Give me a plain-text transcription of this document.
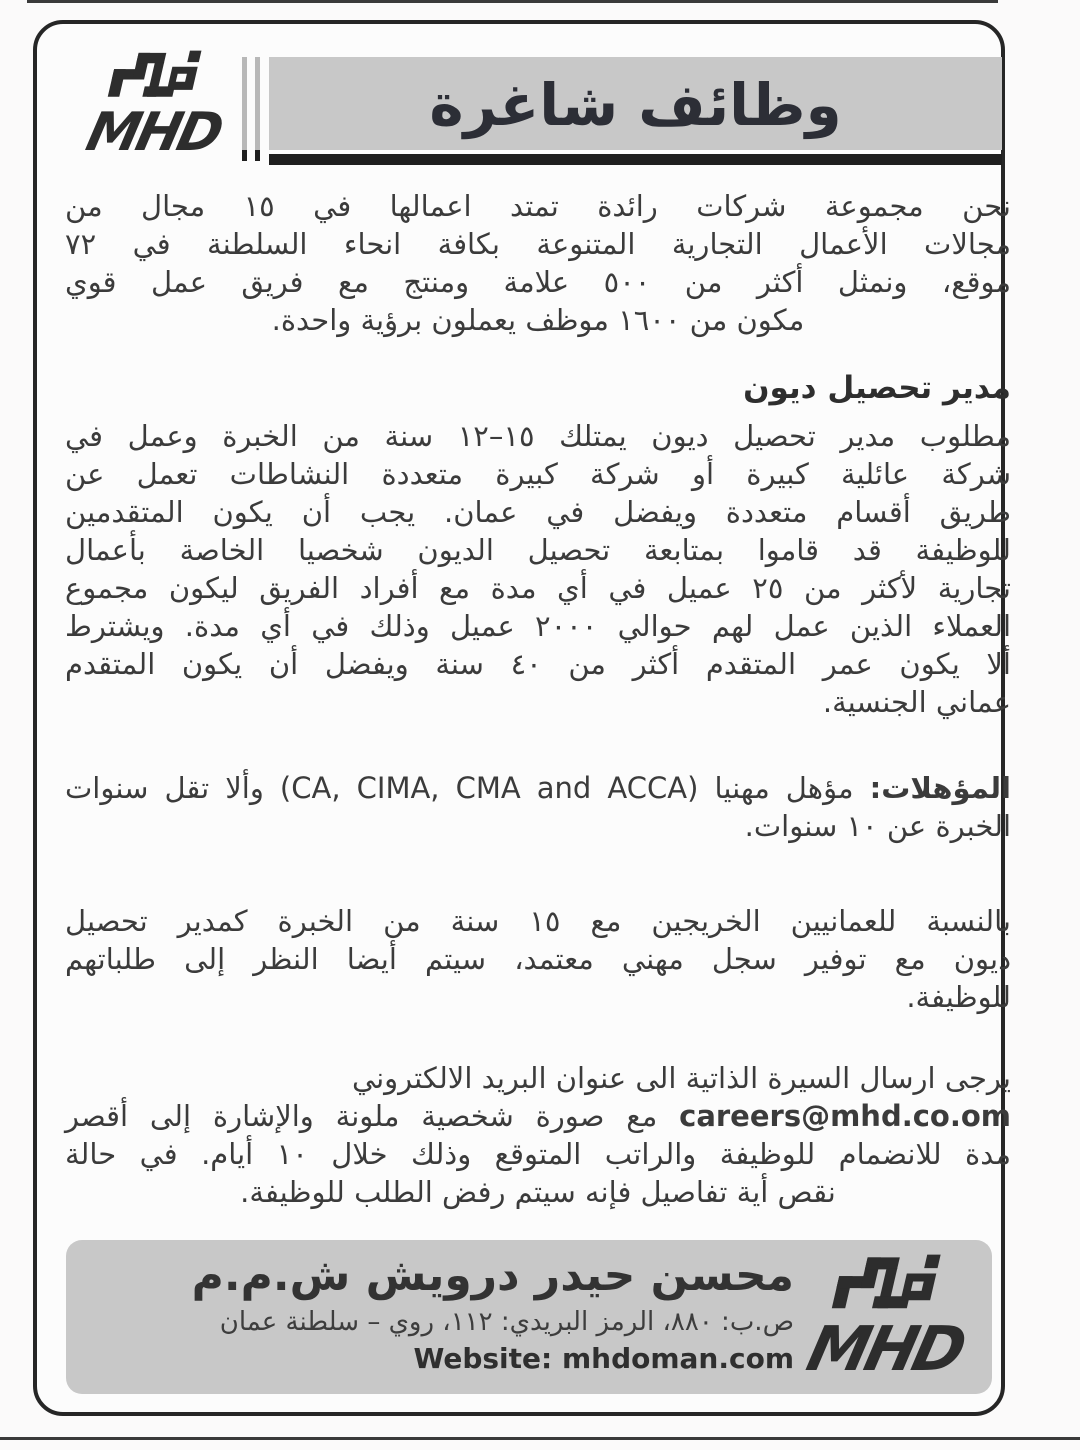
MHD	وظائف شاغرة
نحن مجموعة شركات رائدة تمتد اعمالها في ١٥ مجال من
مجالات الأعمال التجارية المتنوعة بكافة انحاء السلطنة في ٧٢
موقع، ونمثل أكثر من ٥٠٠ علامة ومنتج مع فريق عمل قوي
مكون من ١٦٠٠ موظف يعملون برؤية واحدة.
مدير تحصيل ديون
مطلوب مدير تحصيل ديون يمتلك ١٥–١٢ سنة من الخبرة وعمل في
شركة عائلية كبيرة أو شركة كبيرة متعددة النشاطات تعمل عن
طريق أقسام متعددة ويفضل في عمان. يجب أن يكون المتقدمين
للوظيفة قد قاموا بمتابعة تحصيل الديون شخصيا الخاصة بأعمال
تجارية لأكثر من ٢٥ عميل في أي مدة مع أفراد الفريق ليكون مجموع
العملاء الذين عمل لهم حوالي ٢٠٠٠ عميل وذلك في أي مدة. ويشترط
ألا يكون عمر المتقدم أكثر من ٤٠ سنة ويفضل أن يكون المتقدم
عماني الجنسية.
المؤهلات: مؤهل مهنيا (CA, CIMA, CMA and ACCA) وألا تقل سنوات
الخبرة عن ١٠ سنوات.
بالنسبة للعمانيين الخريجين مع ١٥ سنة من الخبرة كمدير تحصيل
ديون مع توفير سجل مهني معتمد، سيتم أيضا النظر إلى طلباتهم
للوظيفة.
يرجى ارسال السيرة الذاتية الى عنوان البريد الالكتروني
careers@mhd.co.om مع صورة شخصية ملونة والإشارة إلى أقصر
مدة للانضمام للوظيفة والراتب المتوقع وذلك خلال ١٠ أيام. في حالة
نقص أية تفاصيل فإنه سيتم رفض الطلب للوظيفة.
محسن حيدر درويش ش.م.م
ص.ب: ٨٨٠، الرمز البريدي: ١١٢، روي – سلطنة عمان
Website: mhdoman.com MHD
